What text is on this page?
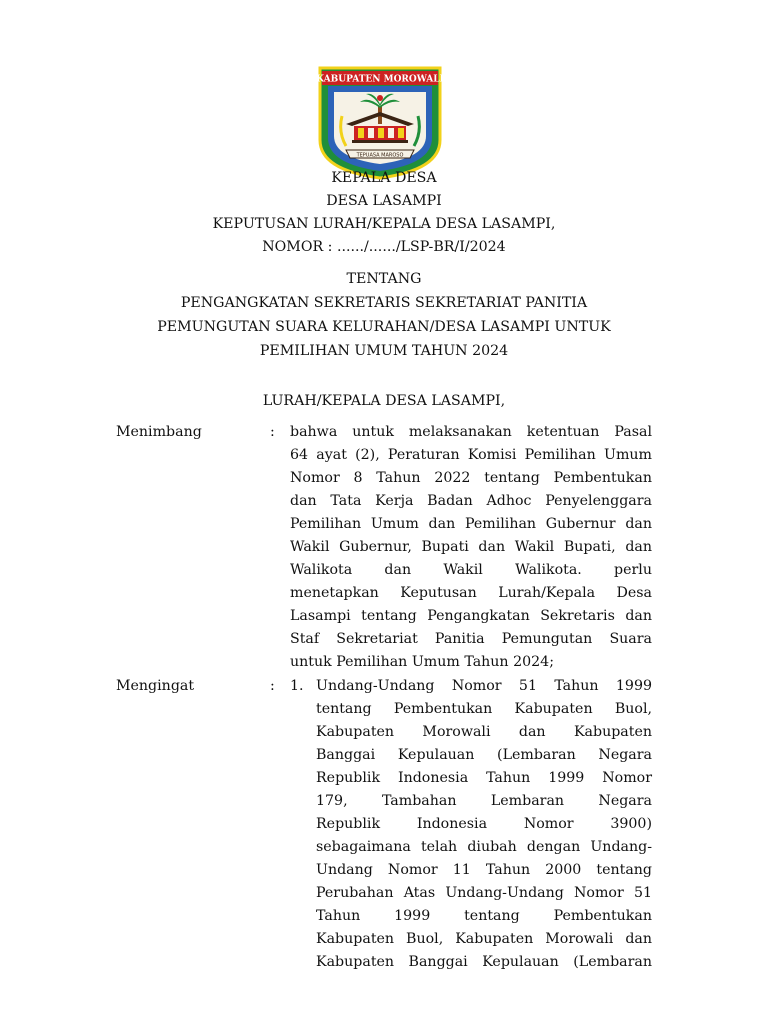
KABUPATEN MOROWALI
TEPUASA MAROSO
KEPALA DESA
DESA LASAMPI
KEPUTUSAN LURAH/KEPALA DESA LASAMPI,
NOMOR : ....../....../LSP-BR/I/2024
TENTANG
PENGANGKATAN SEKRETARIS SEKRETARIAT PANITIA
PEMUNGUTAN SUARA KELURAHAN/DESA LASAMPI UNTUK
PEMILIHAN UMUM TAHUN 2024
LURAH/KEPALA DESA LASAMPI,
Menimbang	: bahwa untuk melaksanakan ketentuan Pasal
64 ayat (2), Peraturan Komisi Pemilihan Umum
Nomor 8 Tahun 2022 tentang Pembentukan
dan Tata Kerja Badan Adhoc Penyelenggara
Pemilihan Umum dan Pemilihan Gubernur dan
Wakil Gubernur, Bupati dan Wakil Bupati, dan
Walikota dan Wakil Walikota. perlu
menetapkan Keputusan Lurah/Kepala Desa
Lasampi tentang Pengangkatan Sekretaris dan
Staf Sekretariat Panitia Pemungutan Suara
untuk Pemilihan Umum Tahun 2024;
Mengingat	: 1. Undang-Undang Nomor 51 Tahun 1999
tentang Pembentukan Kabupaten Buol,
Kabupaten Morowali dan Kabupaten
Banggai Kepulauan (Lembaran Negara
Republik Indonesia Tahun 1999 Nomor
179, Tambahan Lembaran Negara
Republik Indonesia Nomor 3900)
sebagaimana telah diubah dengan Undang-
Undang Nomor 11 Tahun 2000 tentang
Perubahan Atas Undang-Undang Nomor 51
Tahun 1999 tentang Pembentukan
Kabupaten Buol, Kabupaten Morowali dan
Kabupaten Banggai Kepulauan (Lembaran
